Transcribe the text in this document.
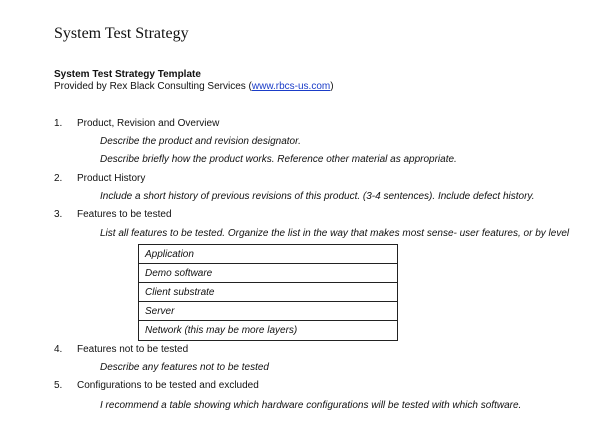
System Test Strategy
System Test Strategy Template
Provided by Rex Black Consulting Services (www.rbcs-us.com)
1. Product, Revision and Overview
Describe the product and revision designator.
Describe briefly how the product works. Reference other material as appropriate.
2. Product History
Include a short history of previous revisions of this product. (3-4 sentences). Include defect history.
3. Features to be tested
List all features to be tested. Organize the list in the way that makes most sense- user features, or by level
Application
Demo software
Client substrate
Server
Network (this may be more layers)
4. Features not to be tested
Describe any features not to be tested
5. Configurations to be tested and excluded
I recommend a table showing which hardware configurations will be tested with which software.
